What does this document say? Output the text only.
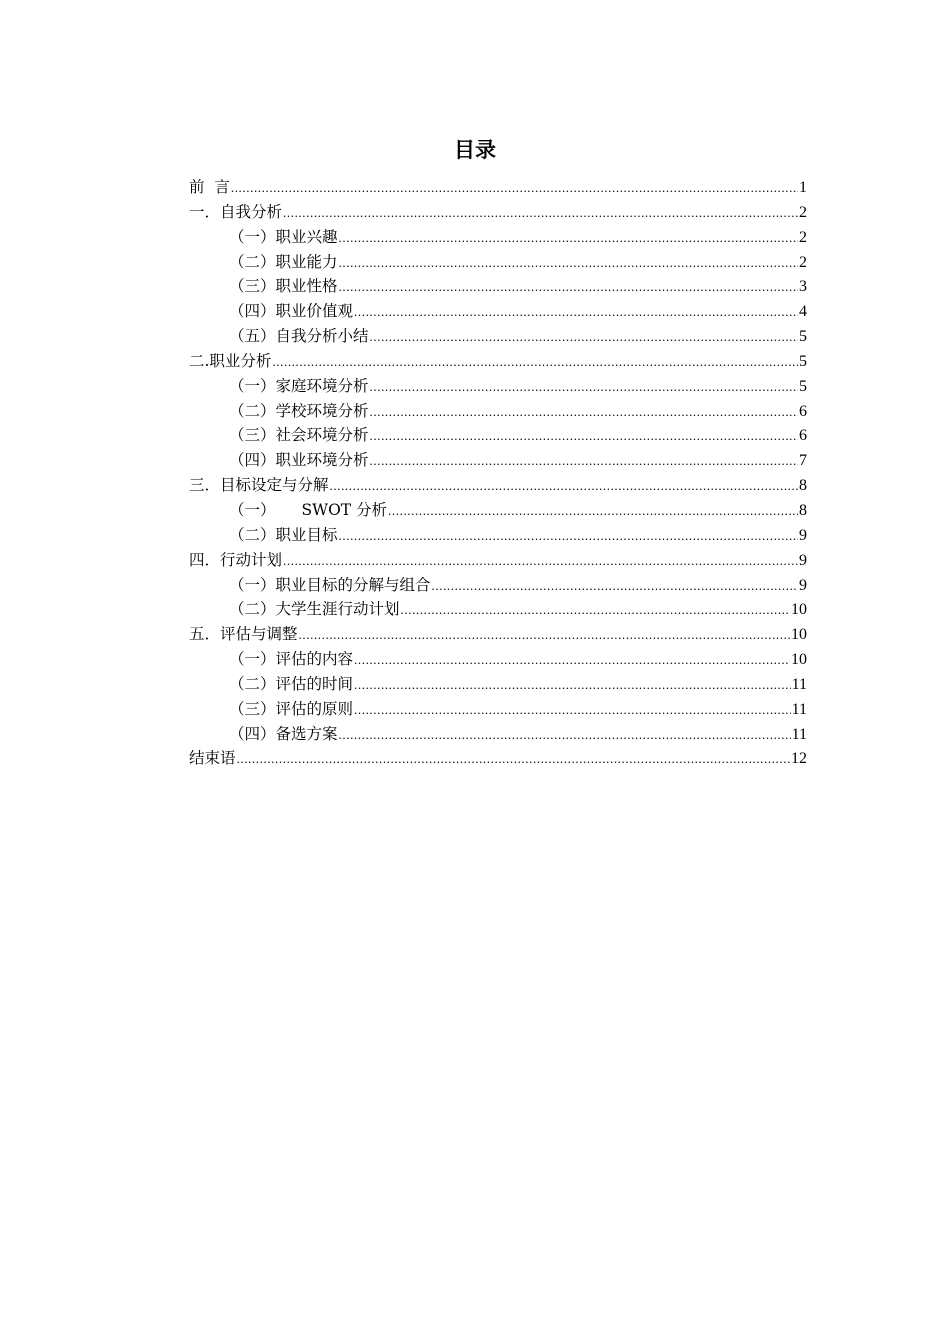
目录
前  言 .....	1
一．自我分析 .....	2
（一）职业兴趣 .....	2
（二）职业能力 .....	2
（三）职业性格 .....	3
（四）职业价值观 .....	4
（五）自我分析小结 .....	5
二.职业分析 .....	5
（一）家庭环境分析 .....	5
（二）学校环境分析 .....	6
（三）社会环境分析 .....	6
（四）职业环境分析 .....	7
三．目标设定与分解 .....	8
（一） SWOT 分析 .....	8
（二）职业目标 .....	9
四．行动计划 .....	9
（一）职业目标的分解与组合 .....	9
（二）大学生涯行动计划 .....	10
五．评估与调整 .....	10
（一）评估的内容 .....	10
（二）评估的时间 .....	11
（三）评估的原则 .....	11
（四）备选方案 .....	11
结束语 .....	12
